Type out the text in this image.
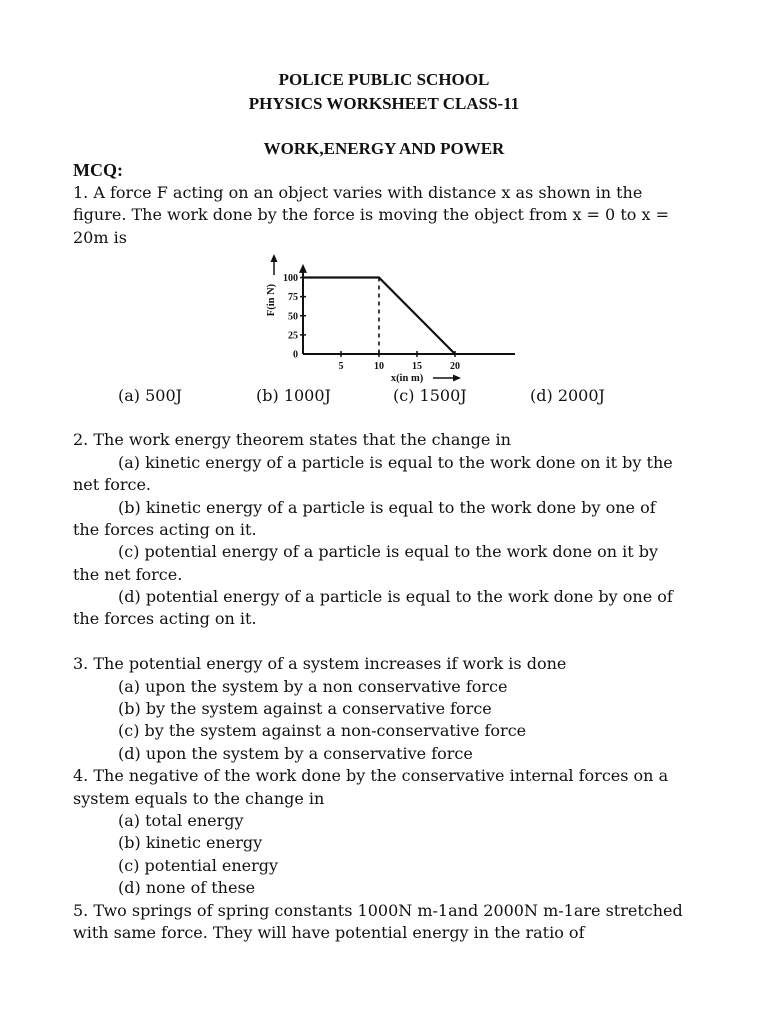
POLICE PUBLIC SCHOOL
PHYSICS WORKSHEET CLASS-11
WORK,ENERGY AND POWER
MCQ:
1. A force F acting on an object varies with distance x as shown in the
figure. The work done by the force is moving the object from x = 0 to x =
20m is
0
25
50
75
100
5	10	15	20
x(in m)
F(in N)
(a) 500J	(b) 1000J	(c) 1500J	(d) 2000J
2. The work energy theorem states that the change in
(a) kinetic energy of a particle is equal to the work done on it by the
net force.
(b) kinetic energy of a particle is equal to the work done by one of
the forces acting on it.
(c) potential energy of a particle is equal to the work done on it by
the net force.
(d) potential energy of a particle is equal to the work done by one of
the forces acting on it.
3. The potential energy of a system increases if work is done
(a) upon the system by a non conservative force
(b) by the system against a conservative force
(c) by the system against a non-conservative force
(d) upon the system by a conservative force
4. The negative of the work done by the conservative internal forces on a
system equals to the change in
(a) total energy
(b) kinetic energy
(c) potential energy
(d) none of these
5. Two springs of spring constants 1000N m-1and 2000N m-1are stretched
with same force. They will have potential energy in the ratio of
